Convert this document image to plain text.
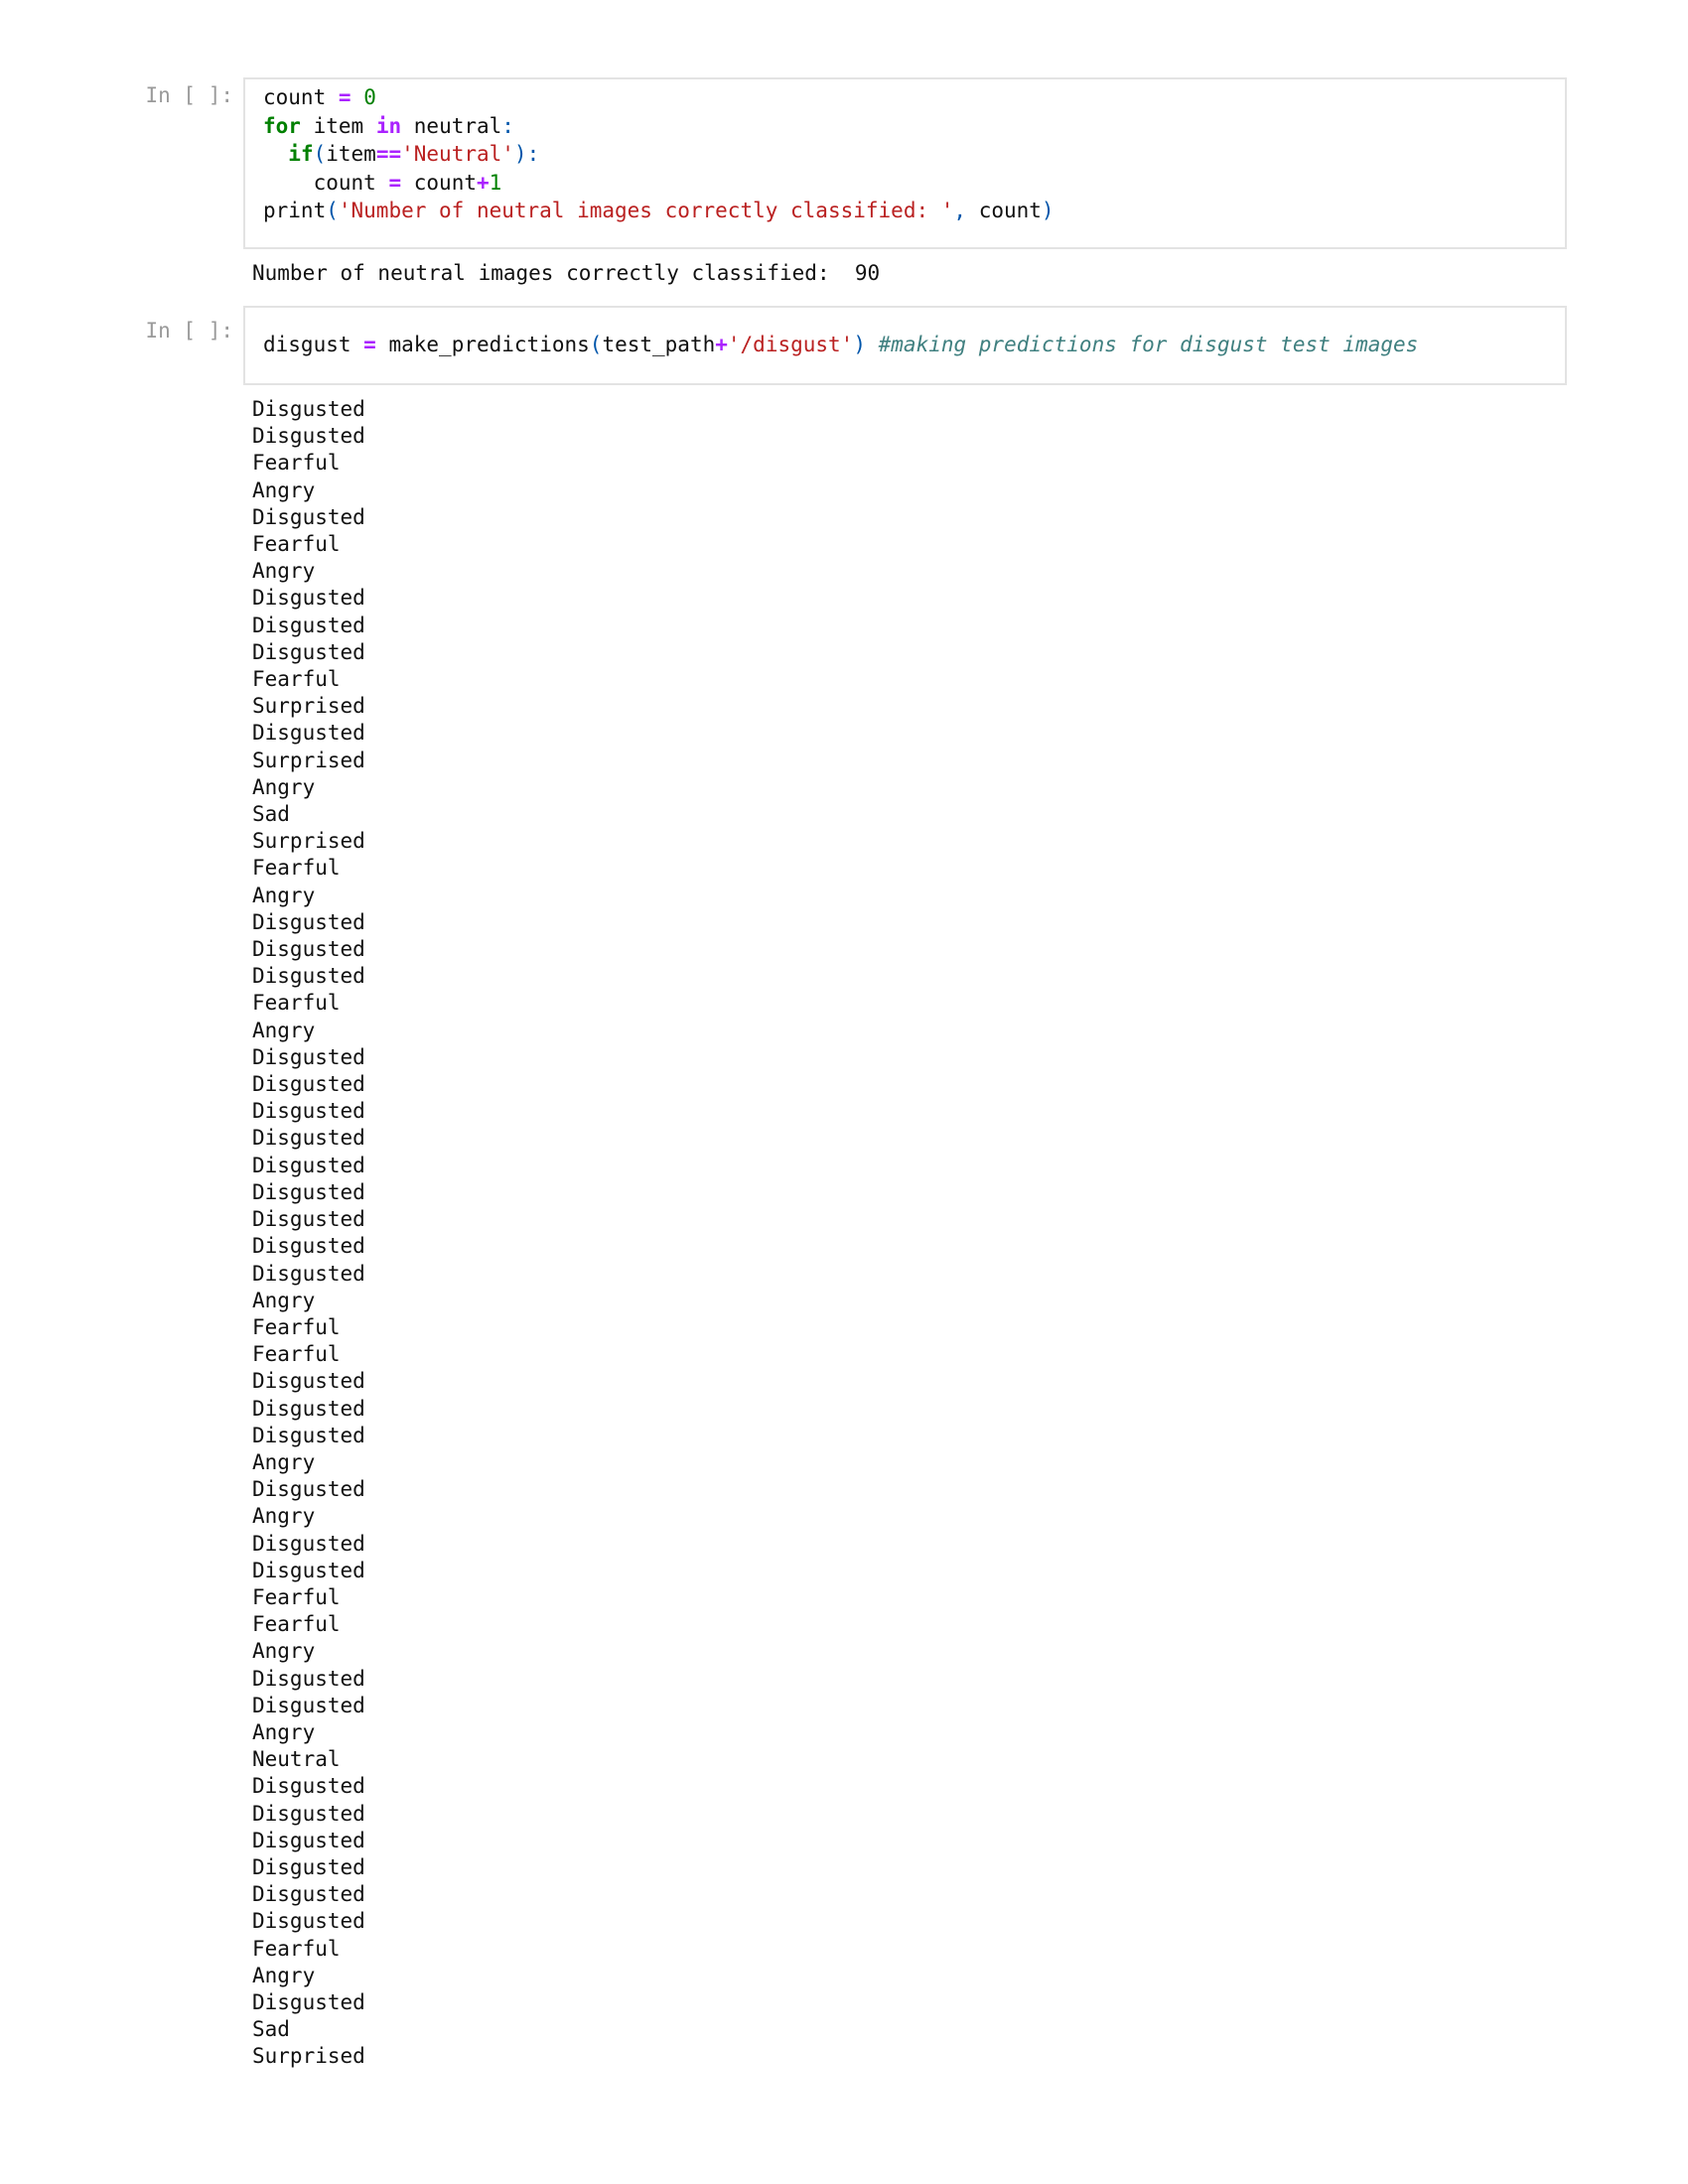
In [ ]:	count = 0
for item in neutral:
if(item=='Neutral'):
count = count+1
print('Number of neutral images correctly classified: ', count)
Number of neutral images correctly classified:  90
In [ ]:
disgust = make_predictions(test_path+'/disgust') #making predictions for disgust test images
Disgusted
Disgusted
Fearful
Angry
Disgusted
Fearful
Angry
Disgusted
Disgusted
Disgusted
Fearful
Surprised
Disgusted
Surprised
Angry
Sad
Surprised
Fearful
Angry
Disgusted
Disgusted
Disgusted
Fearful
Angry
Disgusted
Disgusted
Disgusted
Disgusted
Disgusted
Disgusted
Disgusted
Disgusted
Disgusted
Angry
Fearful
Fearful
Disgusted
Disgusted
Disgusted
Angry
Disgusted
Angry
Disgusted
Disgusted
Fearful
Fearful
Angry
Disgusted
Disgusted
Angry
Neutral
Disgusted
Disgusted
Disgusted
Disgusted
Disgusted
Disgusted
Fearful
Angry
Disgusted
Sad
Surprised
